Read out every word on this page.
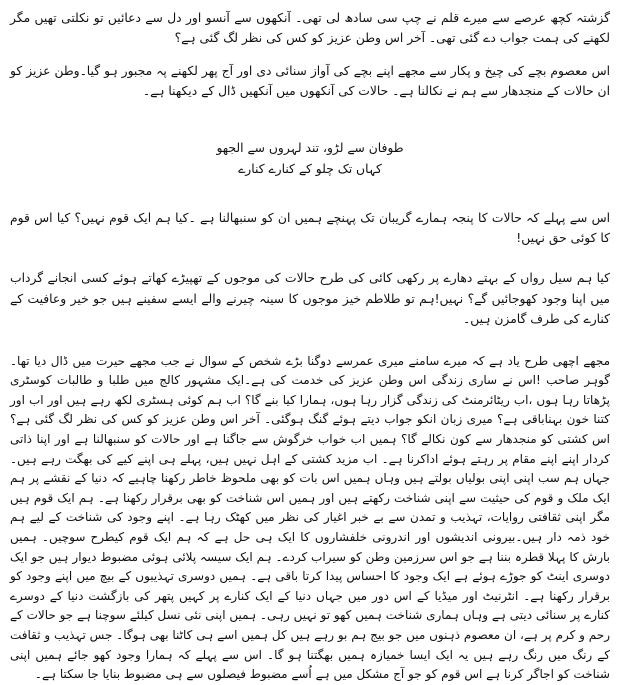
گزشتہ کچھ عرصے سے میرے قلم نے چپ سی سادھ لی تھی۔ آنکھوں سے آنسو اور دل سے دعائیں تو نکلتی تھیں مگر لکھنے کی ہمت جواب دے گئی تھی۔ آخر اس وطن عزیز کو کس کی نظر لگ گئی ہے؟

اس معصوم بچے کی چیخ و پکار سے مجھے اپنے بچے کی آواز سنائی دی اور آج پھر لکھنے پہ مجبور ہو گیا۔وطن عزیز کو ان حالات کے منجدھار سے ہم نے نکالنا ہے۔ حالات کی آنکھوں میں آنکھیں ڈال کے دیکھنا ہے۔

طوفان سے لڑو، تند لہروں سے الجھو
کہاں تک چلو کے کنارے کنارے

اس سے پہلے کہ حالات کا پنجہ ہمارے گریبان تک پہنچے ہمیں ان کو سنبھالنا ہے ۔کیا ہم ایک قوم نہیں؟ کیا اس قوم کا کوئی حق نہیں!

کیا ہم سیل رواں کے بہتے دھارے پر رکھی کائی کی طرح حالات کی موجوں کے تھپیڑے کھاتے ہوئے کسی انجانے گرداب میں اپنا وجود کھوجائیں گے؟ نہیں!ہم تو طلاطم خیز موجوں کا سینہ چیرنے والے ایسے سفینے ہیں جو خیر وعافیت کے کنارے کی طرف گامزن ہیں۔

مجھے اچھی طرح یاد ہے کہ میرے سامنے میری عمرسے دوگنا بڑے شخص کے سوال نے جب مجھے حیرت میں ڈال دیا تھا۔ گوہر صاحب !اس نے ساری زندگی اس وطن عزیز کی خدمت کی ہے۔ایک مشہور کالج میں طلبا و طالبات کوسٹری پڑھاتا رہا ہوں ،اب ریٹائرمنٹ کی زندگی گزار رہا ہوں، ہمارا کیا بنے گا؟ اب ہم کوئی ہسٹری لکھ رہے ہیں اور اب اور کتنا خون بہناباقی ہے؟ میری زبان انکو جواب دیتے ہوئے گنگ ہوگئی۔ آخر اس وطن عزیز کو کس کی نظر لگ گئی ہے؟ اس کشتی کو منجدھار سے کون نکالے گا؟ ہمیں اب خواب خرگوش سے جاگنا ہے اور حالات کو سنبھالنا ہے اور اپنا ذاتی کردار اپنے اپنے مقام پر رہتے ہوئے اداکرنا ہے۔ اب مزید کشتی کے اہل نہیں ہیں، پہلے ہی اپنے کیے کی بھگت رہے ہیں۔ جہاں ہم سب اپنی اپنی بولیاں بولتے ہیں وہاں ہمیں اس بات کو بھی ملحوظ خاطر رکھنا چاہیے کہ دنیا کے نقشے پر ہم ایک ملک و قوم کی حیثیت سے اپنی شناخت رکھتے ہیں اور ہمیں اس شناخت کو بھی برقرار رکھنا ہے۔ ہم ایک قوم ہیں مگر اپنی ثقافتی روایات، تہذیب و تمدن سے بے خبر اغیار کی نظر میں کھٹک رہا ہے۔ اپنے وجود کی شناخت کے لیے ہم خود ذمہ دار ہیں۔بیرونی اندیشوں اور اندرونی خلفشاروں کا ایک ہی حل ہے کہ ہم ایک قوم کیطرح سوچیں۔ ہمیں بارش کا پہلا قطرہ بننا ہے جو اس سرزمین وطن کو سیراب کردے۔ ہم ایک سیسہ پلائی ہوئی مضبوط دیوار ہیں جو ایک دوسری اینٹ کو جوڑے ہوئے ہے ایک وجود کا احساس پیدا کرتا باقی ہے۔ ہمیں دوسری تہذیبوں کے بیچ میں اپنے وجود کو برقرار رکھنا ہے۔ انٹرنیٹ اور میڈیا کے اس دور میں جہاں دنیا کے ایک کنارے پر کہیں پتھر کی بازگشت دنیا کے دوسرے کنارے پر سنائی دیتی ہے وہاں ہماری شناخت ہمیں کھو تو نہیں رہی۔ ہمیں اپنی نئی نسل کیلئے سوچنا ہے جو حالات کے رحم و کرم پر ہے، ان معصوم ذہنوں میں جو بیج ہم بو رہے ہیں کل ہمیں اسے ہی کاٹنا بھی ہوگا۔ جس تہذیب و ثقافت کے رنگ میں رنگ رہے ہیں یہ ایک ایسا خمیازہ ہمیں بھگتنا ہو گا۔ اس سے پہلے کہ ہمارا وجود کھو جائے ہمیں اپنی شناخت کو اجاگر کرنا ہے اس قوم کو جو آج مشکل میں ہے اُسے مضبوط فیصلوں سے ہی مضبوط بنایا جا سکتا ہے۔
